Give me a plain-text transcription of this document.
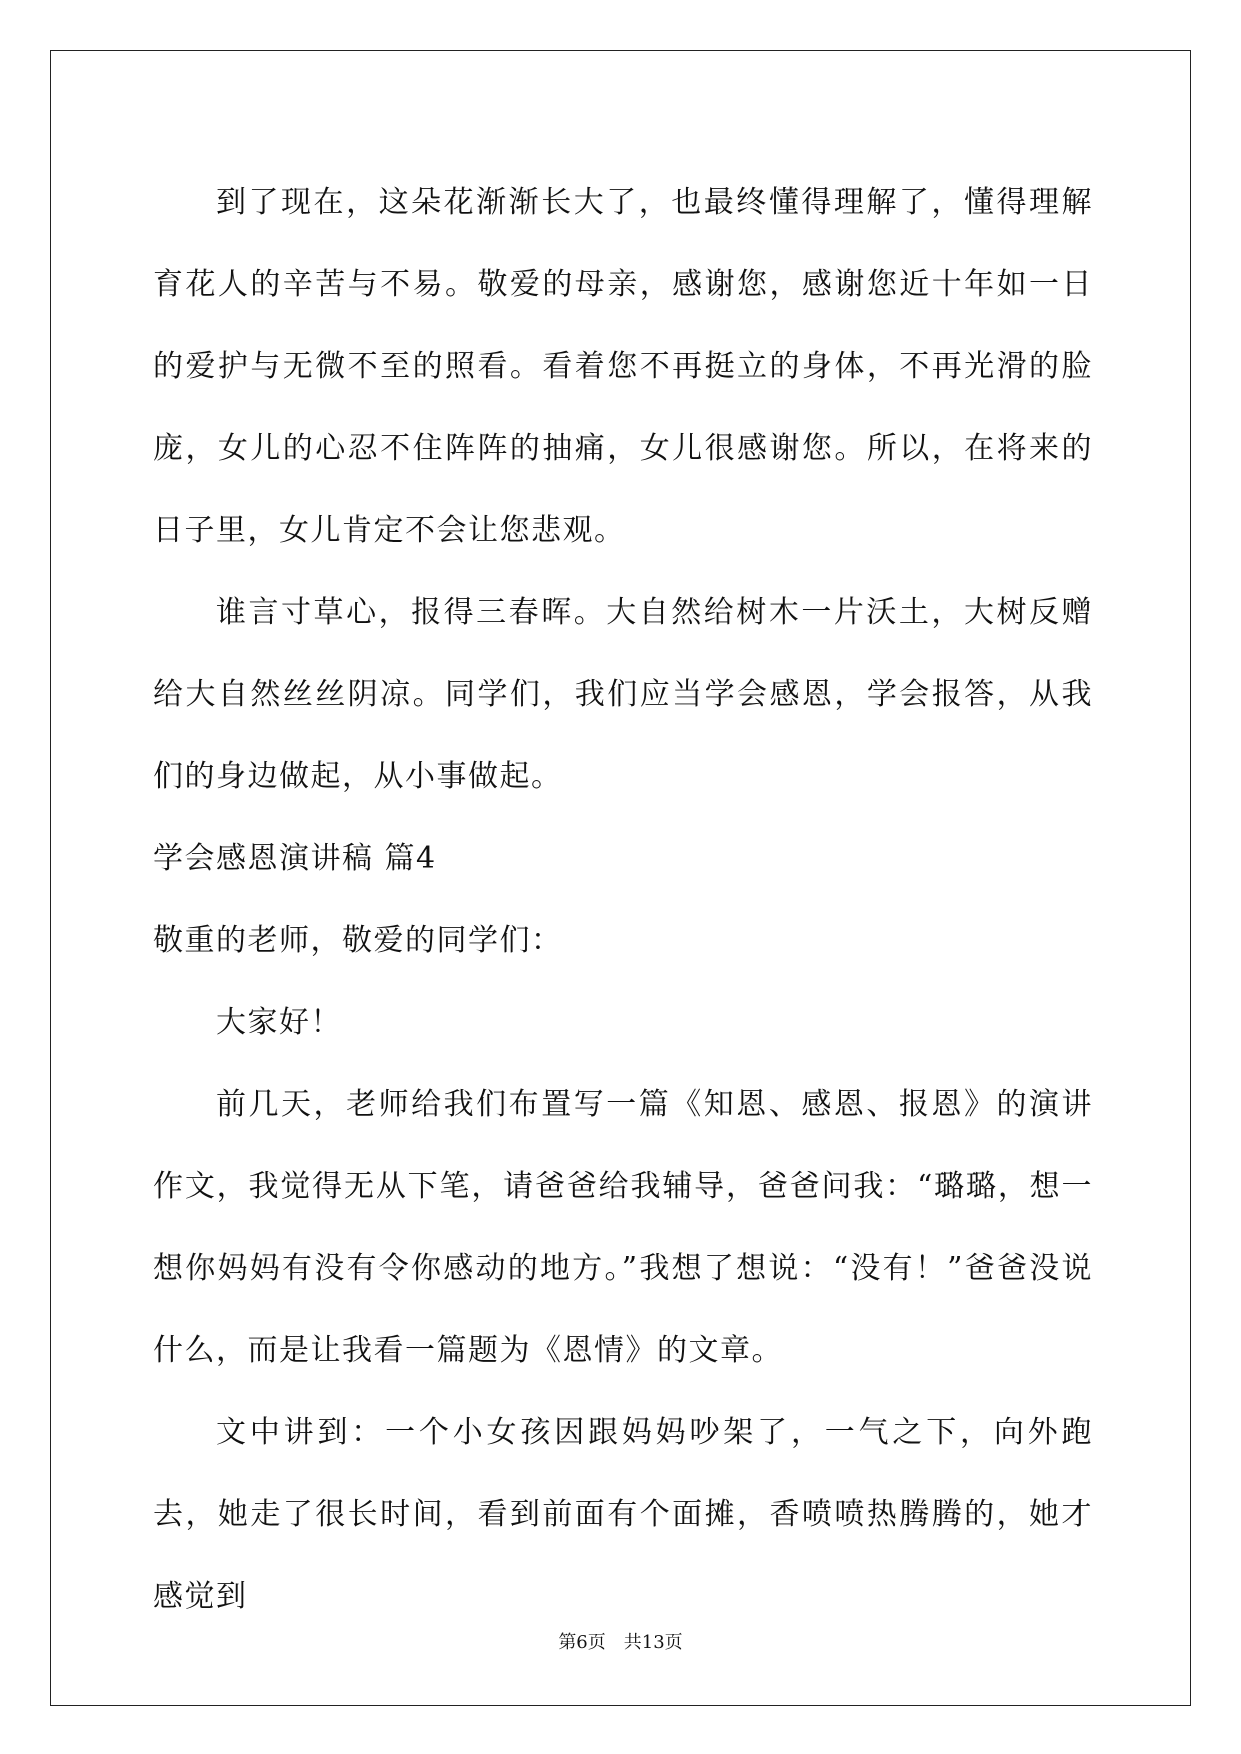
到了现在，这朵花渐渐长大了，也最终懂得理解了，懂得理解育花人的辛苦与不易。敬爱的母亲，感谢您，感谢您近十年如一日的爱护与无微不至的照看。看着您不再挺立的身体，不再光滑的脸庞，女儿的心忍不住阵阵的抽痛，女儿很感谢您。所以，在将来的日子里，女儿肯定不会让您悲观。

谁言寸草心，报得三春晖。大自然给树木一片沃土，大树反赠给大自然丝丝阴凉。同学们，我们应当学会感恩，学会报答，从我们的身边做起，从小事做起。

学会感恩演讲稿 篇4

敬重的老师，敬爱的同学们：

大家好！

前几天，老师给我们布置写一篇《知恩、感恩、报恩》的演讲作文，我觉得无从下笔，请爸爸给我辅导，爸爸问我：“璐璐，想一想你妈妈有没有令你感动的地方。”我想了想说：“没有！”爸爸没说什么，而是让我看一篇题为《恩情》的文章。

文中讲到：一个小女孩因跟妈妈吵架了，一气之下，向外跑去，她走了很长时间，看到前面有个面摊，香喷喷热腾腾的，她才感觉到

第6页　共13页
